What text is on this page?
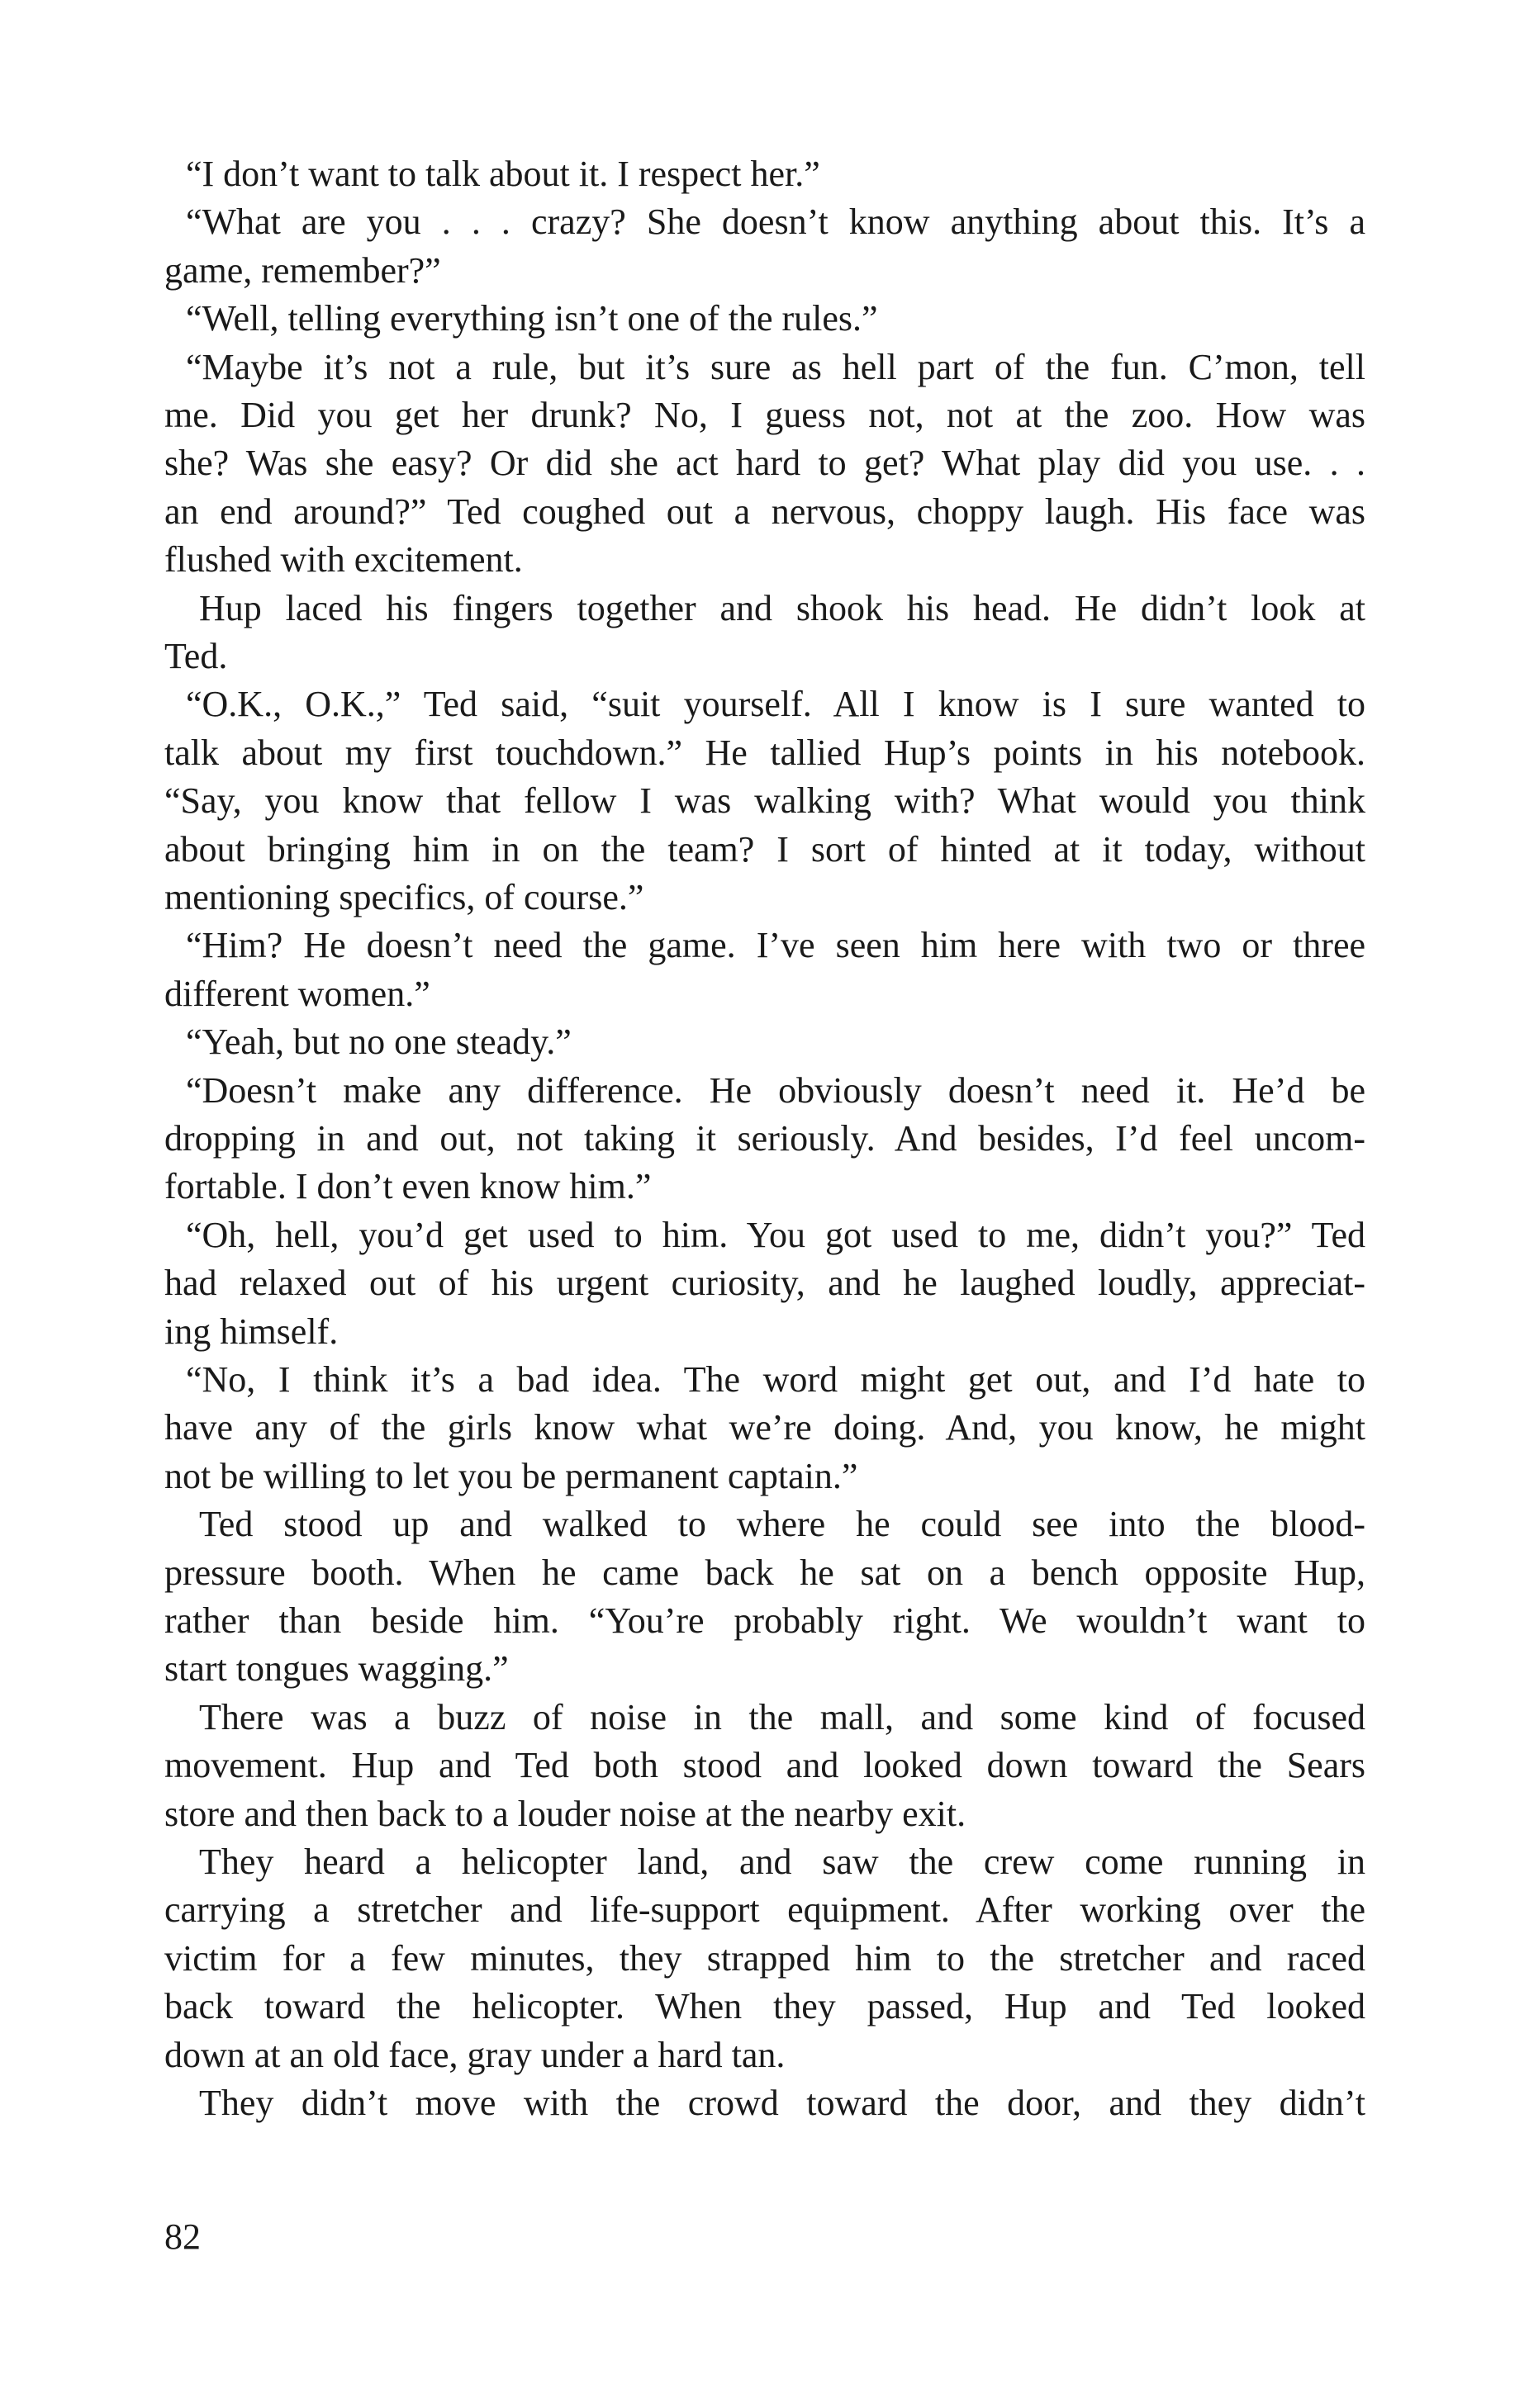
“I don’t want to talk about it. I respect her.”
“What are you . . . crazy? She doesn’t know anything about this. It’s a
game, remember?”
“Well, telling everything isn’t one of the rules.”
“Maybe it’s not a rule, but it’s sure as hell part of the fun. C’mon, tell
me. Did you get her drunk? No, I guess not, not at the zoo. How was
she? Was she easy? Or did she act hard to get? What play did you use. . .
an end around?” Ted coughed out a nervous, choppy laugh. His face was
flushed with excitement.
Hup laced his fingers together and shook his head. He didn’t look at
Ted.
“O.K., O.K.,” Ted said, “suit yourself. All I know is I sure wanted to
talk about my first touchdown.” He tallied Hup’s points in his notebook.
“Say, you know that fellow I was walking with? What would you think
about bringing him in on the team? I sort of hinted at it today, without
mentioning specifics, of course.”
“Him? He doesn’t need the game. I’ve seen him here with two or three
different women.”
“Yeah, but no one steady.”
“Doesn’t make any difference. He obviously doesn’t need it. He’d be
dropping in and out, not taking it seriously. And besides, I’d feel uncom-
fortable. I don’t even know him.”
“Oh, hell, you’d get used to him. You got used to me, didn’t you?” Ted
had relaxed out of his urgent curiosity, and he laughed loudly, appreciat-
ing himself.
“No, I think it’s a bad idea. The word might get out, and I’d hate to
have any of the girls know what we’re doing. And, you know, he might
not be willing to let you be permanent captain.”
Ted stood up and walked to where he could see into the blood-
pressure booth. When he came back he sat on a bench opposite Hup,
rather than beside him. “You’re probably right. We wouldn’t want to
start tongues wagging.”
There was a buzz of noise in the mall, and some kind of focused
movement. Hup and Ted both stood and looked down toward the Sears
store and then back to a louder noise at the nearby exit.
They heard a helicopter land, and saw the crew come running in
carrying a stretcher and life-support equipment. After working over the
victim for a few minutes, they strapped him to the stretcher and raced
back toward the helicopter. When they passed, Hup and Ted looked
down at an old face, gray under a hard tan.
They didn’t move with the crowd toward the door, and they didn’t
82
